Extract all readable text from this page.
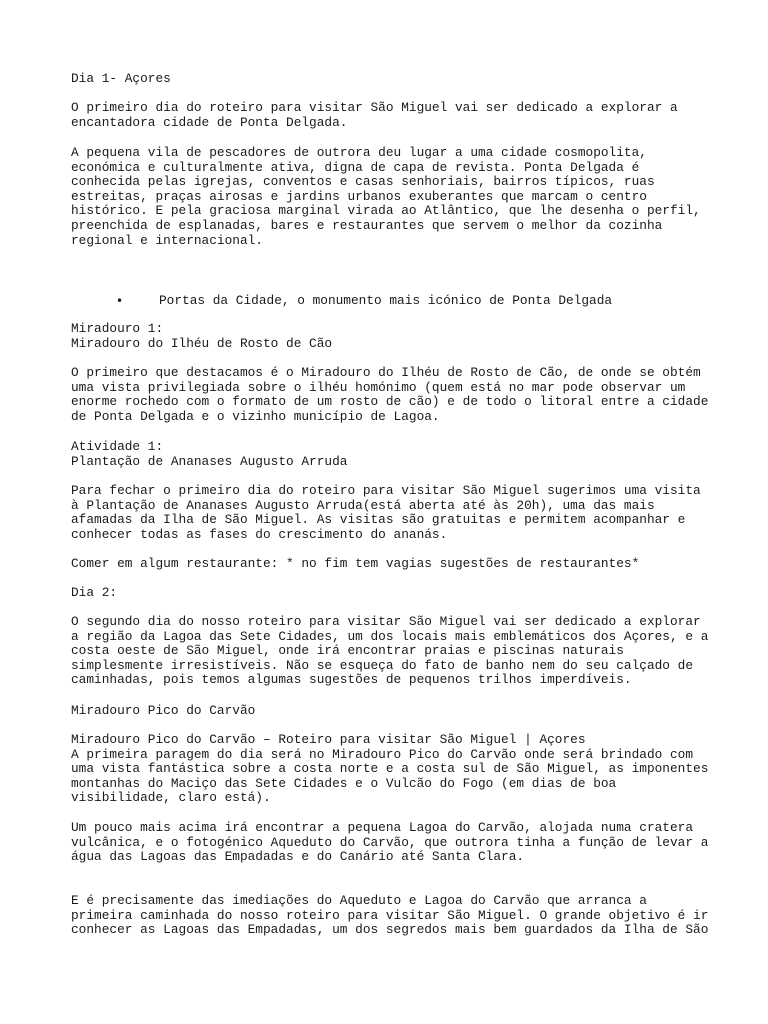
Dia 1- Açores

O primeiro dia do roteiro para visitar São Miguel vai ser dedicado a explorar a
encantadora cidade de Ponta Delgada.

A pequena vila de pescadores de outrora deu lugar a uma cidade cosmopolita,
económica e culturalmente ativa, digna de capa de revista. Ponta Delgada é
conhecida pelas igrejas, conventos e casas senhoriais, bairros típicos, ruas
estreitas, praças airosas e jardins urbanos exuberantes que marcam o centro
histórico. E pela graciosa marginal virada ao Atlântico, que lhe desenha o perfil,
preenchida de esplanadas, bares e restaurantes que servem o melhor da cozinha
regional e internacional.

•	Portas da Cidade, o monumento mais icónico de Ponta Delgada

Miradouro 1:
Miradouro do Ilhéu de Rosto de Cão

O primeiro que destacamos é o Miradouro do Ilhéu de Rosto de Cão, de onde se obtém
uma vista privilegiada sobre o ilhéu homónimo (quem está no mar pode observar um
enorme rochedo com o formato de um rosto de cão) e de todo o litoral entre a cidade
de Ponta Delgada e o vizinho município de Lagoa.

Atividade 1:
Plantação de Ananases Augusto Arruda

Para fechar o primeiro dia do roteiro para visitar São Miguel sugerimos uma visita
à Plantação de Ananases Augusto Arruda(está aberta até às 20h), uma das mais
afamadas da Ilha de São Miguel. As visitas são gratuitas e permitem acompanhar e
conhecer todas as fases do crescimento do ananás.

Comer em algum restaurante: * no fim tem vagias sugestões de restaurantes*

Dia 2:

O segundo dia do nosso roteiro para visitar São Miguel vai ser dedicado a explorar
a região da Lagoa das Sete Cidades, um dos locais mais emblemáticos dos Açores, e a
costa oeste de São Miguel, onde irá encontrar praias e piscinas naturais
simplesmente irresistíveis. Não se esqueça do fato de banho nem do seu calçado de
caminhadas, pois temos algumas sugestões de pequenos trilhos imperdíveis.

Miradouro Pico do Carvão

Miradouro Pico do Carvão – Roteiro para visitar São Miguel | Açores
A primeira paragem do dia será no Miradouro Pico do Carvão onde será brindado com
uma vista fantástica sobre a costa norte e a costa sul de São Miguel, as imponentes
montanhas do Maciço das Sete Cidades e o Vulcão do Fogo (em dias de boa
visibilidade, claro está).

Um pouco mais acima irá encontrar a pequena Lagoa do Carvão, alojada numa cratera
vulcânica, e o fotogénico Aqueduto do Carvão, que outrora tinha a função de levar a
água das Lagoas das Empadadas e do Canário até Santa Clara.

E é precisamente das imediações do Aqueduto e Lagoa do Carvão que arranca a
primeira caminhada do nosso roteiro para visitar São Miguel. O grande objetivo é ir
conhecer as Lagoas das Empadadas, um dos segredos mais bem guardados da Ilha de São
